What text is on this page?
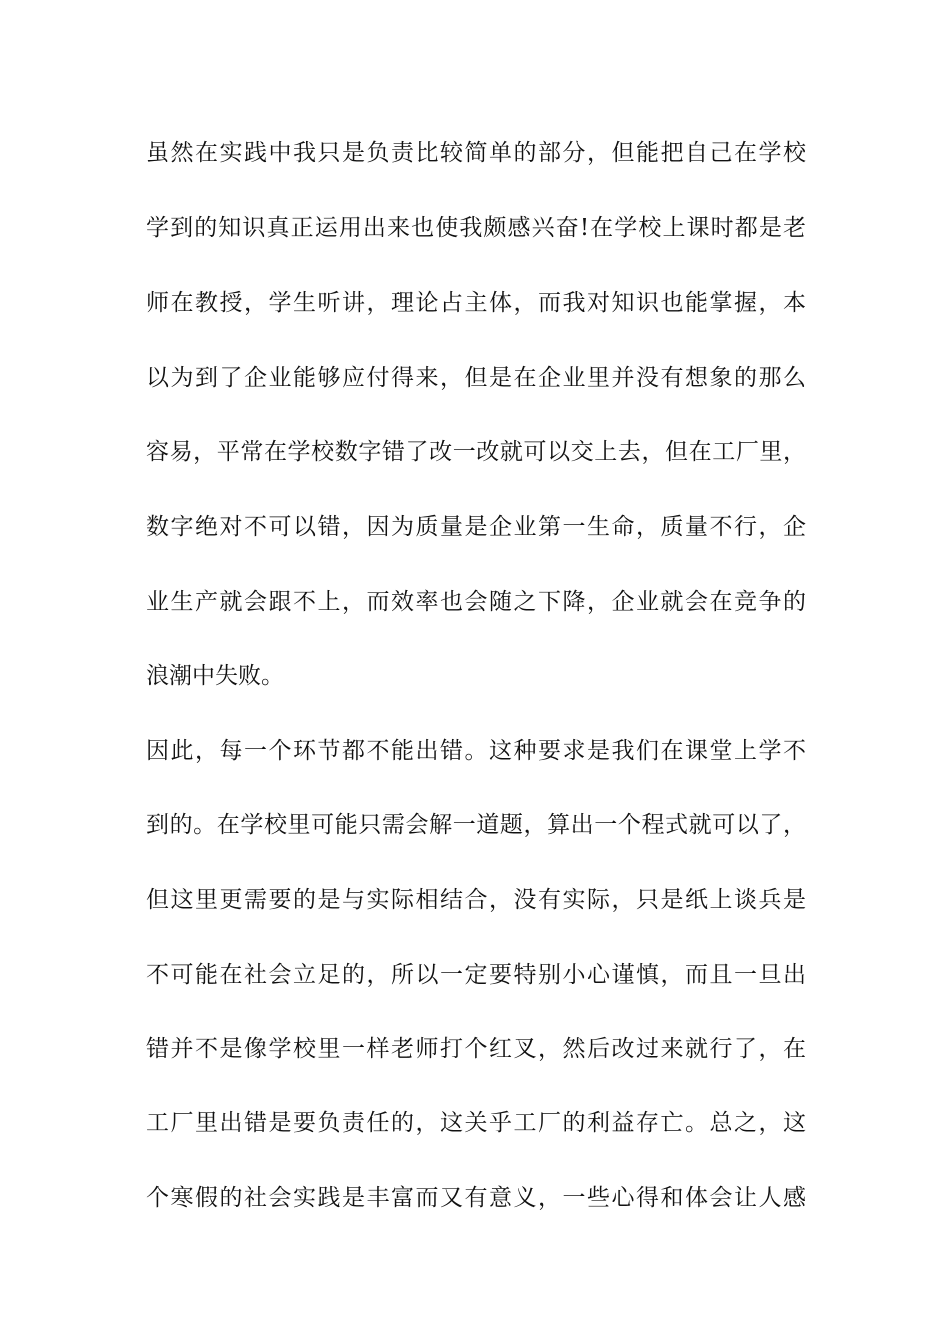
虽然在实践中我只是负责比较简单的部分，但能把自己在学校
学到的知识真正运用出来也使我颇感兴奋!在学校上课时都是老
师在教授，学生听讲，理论占主体，而我对知识也能掌握，本
以为到了企业能够应付得来，但是在企业里并没有想象的那么
容易，平常在学校数字错了改一改就可以交上去，但在工厂里，
数字绝对不可以错，因为质量是企业第一生命，质量不行，企
业生产就会跟不上，而效率也会随之下降，企业就会在竞争的
浪潮中失败。
因此，每一个环节都不能出错。这种要求是我们在课堂上学不
到的。在学校里可能只需会解一道题，算出一个程式就可以了，
但这里更需要的是与实际相结合，没有实际，只是纸上谈兵是
不可能在社会立足的，所以一定要特别小心谨慎，而且一旦出
错并不是像学校里一样老师打个红叉，然后改过来就行了，在
工厂里出错是要负责任的，这关乎工厂的利益存亡。总之，这
个寒假的社会实践是丰富而又有意义，一些心得和体会让人感
